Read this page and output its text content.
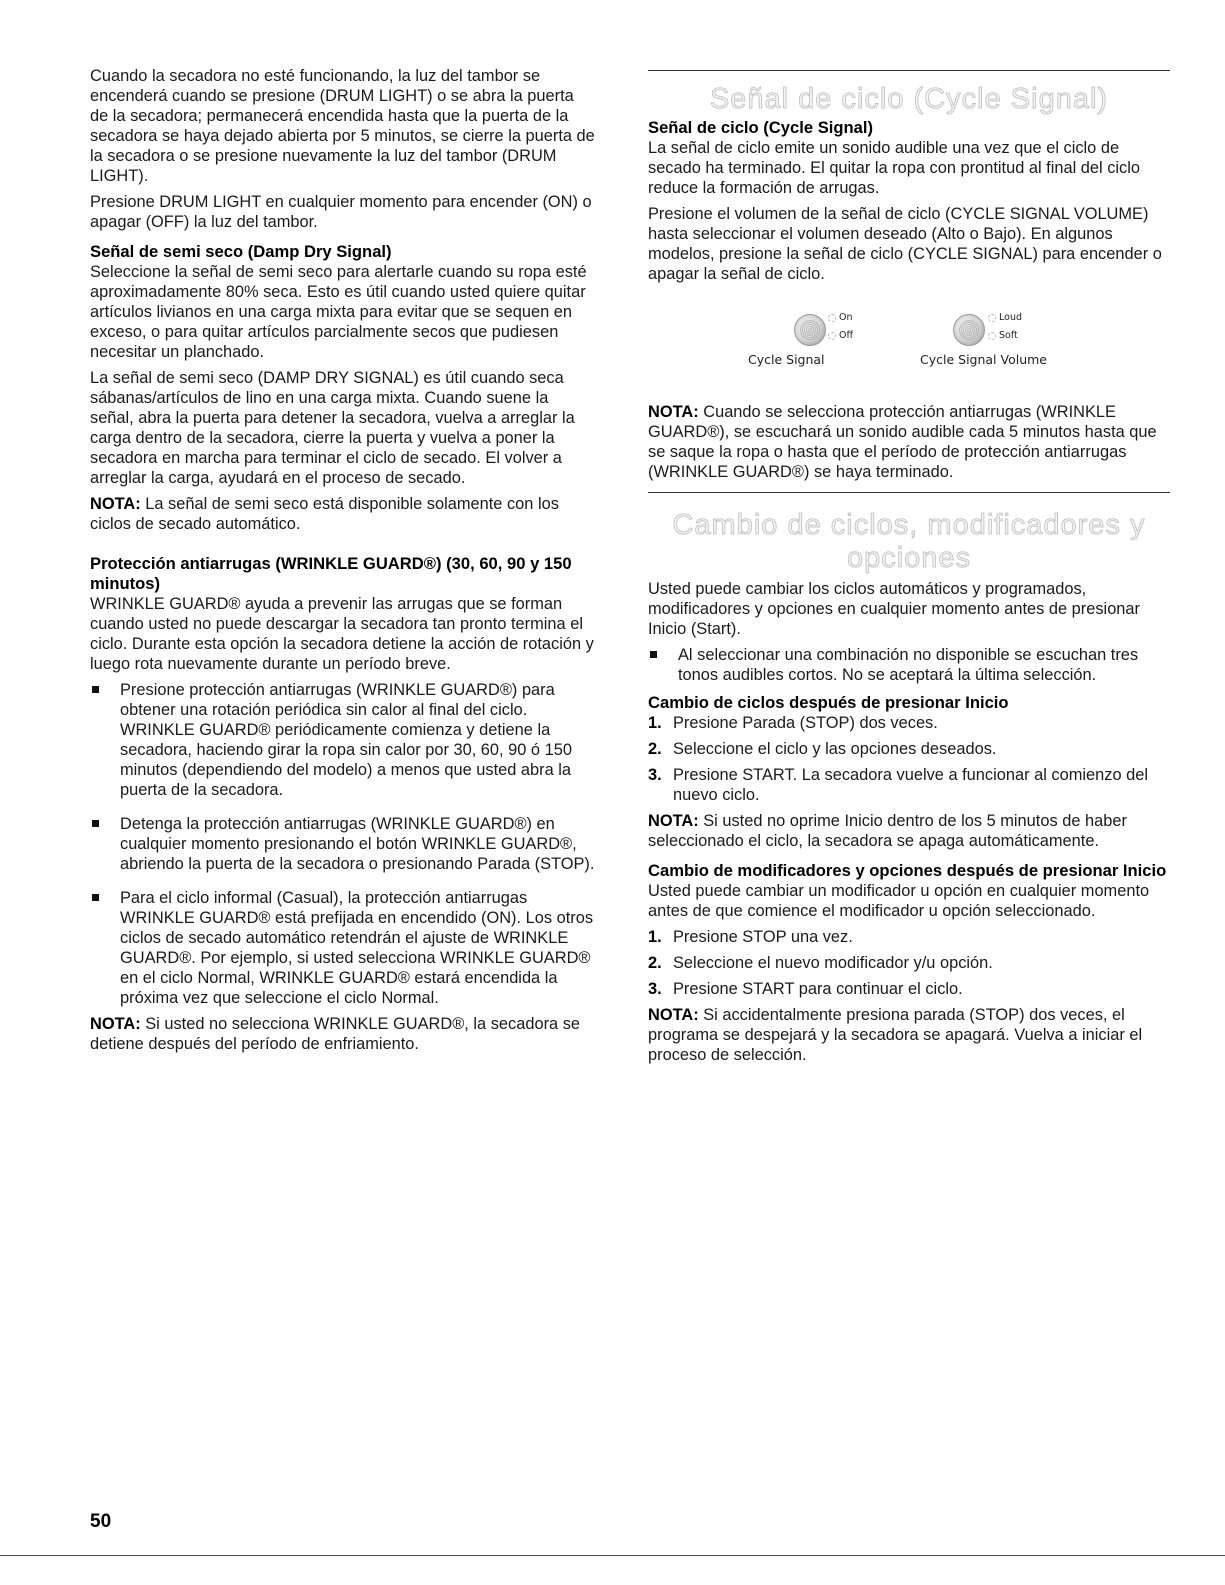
Cuando la secadora no esté funcionando, la luz del tambor se encenderá cuando se presione (DRUM LIGHT) o se abra la puerta de la secadora; permanecerá encendida hasta que la puerta de la secadora se haya dejado abierta por 5 minutos, se cierre la puerta de la secadora o se presione nuevamente la luz del tambor (DRUM LIGHT).

Presione DRUM LIGHT en cualquier momento para encender (ON) o apagar (OFF) la luz del tambor.

Señal de semi seco (Damp Dry Signal)

Seleccione la señal de semi seco para alertarle cuando su ropa esté aproximadamente 80% seca. Esto es útil cuando usted quiere quitar artículos livianos en una carga mixta para evitar que se sequen en exceso, o para quitar artículos parcialmente secos que pudiesen necesitar un planchado.

La señal de semi seco (DAMP DRY SIGNAL) es útil cuando seca sábanas/artículos de lino en una carga mixta. Cuando suene la señal, abra la puerta para detener la secadora, vuelva a arreglar la carga dentro de la secadora, cierre la puerta y vuelva a poner la secadora en marcha para terminar el ciclo de secado. El volver a arreglar la carga, ayudará en el proceso de secado.

NOTA: La señal de semi seco está disponible solamente con los ciclos de secado automático.

Protección antiarrugas (WRINKLE GUARD®) (30, 60, 90 y 150 minutos)

WRINKLE GUARD® ayuda a prevenir las arrugas que se forman cuando usted no puede descargar la secadora tan pronto termina el ciclo. Durante esta opción la secadora detiene la acción de rotación y luego rota nuevamente durante un período breve.

Presione protección antiarrugas (WRINKLE GUARD®) para obtener una rotación periódica sin calor al final del ciclo. WRINKLE GUARD® periódicamente comienza y detiene la secadora, haciendo girar la ropa sin calor por 30, 60, 90 ó 150 minutos (dependiendo del modelo) a menos que usted abra la puerta de la secadora.
Detenga la protección antiarrugas (WRINKLE GUARD®) en cualquier momento presionando el botón WRINKLE GUARD®, abriendo la puerta de la secadora o presionando Parada (STOP).
Para el ciclo informal (Casual), la protección antiarrugas WRINKLE GUARD® está prefijada en encendido (ON). Los otros ciclos de secado automático retendrán el ajuste de WRINKLE GUARD®. Por ejemplo, si usted selecciona WRINKLE GUARD® en el ciclo Normal, WRINKLE GUARD® estará encendida la próxima vez que seleccione el ciclo Normal.

NOTA: Si usted no selecciona WRINKLE GUARD®, la secadora se detiene después del período de enfriamiento.

Señal de ciclo (Cycle Signal)
Señal de ciclo (Cycle Signal)

La señal de ciclo emite un sonido audible una vez que el ciclo de secado ha terminado. El quitar la ropa con prontitud al final del ciclo reduce la formación de arrugas.

Presione el volumen de la señal de ciclo (CYCLE SIGNAL VOLUME) hasta seleccionar el volumen deseado (Alto o Bajo). En algunos modelos, presione la señal de ciclo (CYCLE SIGNAL) para encender o apagar la señal de ciclo.

On
Off
Cycle Signal
Loud
Soft
Cycle Signal Volume

NOTA: Cuando se selecciona protección antiarrugas (WRINKLE GUARD®), se escuchará un sonido audible cada 5 minutos hasta que se saque la ropa o hasta que el período de protección antiarrugas (WRINKLE GUARD®) se haya terminado.

Cambio de ciclos, modificadores y
opciones

Usted puede cambiar los ciclos automáticos y programados, modificadores y opciones en cualquier momento antes de presionar Inicio (Start).

Al seleccionar una combinación no disponible se escuchan tres tonos audibles cortos. No se aceptará la última selección.
Cambio de ciclos después de presionar Inicio
1. Presione Parada (STOP) dos veces.
2. Seleccione el ciclo y las opciones deseados.
3. Presione START. La secadora vuelve a funcionar al comienzo del nuevo ciclo.

NOTA: Si usted no oprime Inicio dentro de los 5 minutos de haber seleccionado el ciclo, la secadora se apaga automáticamente.

Cambio de modificadores y opciones después de presionar Inicio

Usted puede cambiar un modificador u opción en cualquier momento antes de que comience el modificador u opción seleccionado.

1. Presione STOP una vez.
2. Seleccione el nuevo modificador y/u opción.
3. Presione START para continuar el ciclo.

NOTA: Si accidentalmente presiona parada (STOP) dos veces, el programa se despejará y la secadora se apagará. Vuelva a iniciar el proceso de selección.

50
